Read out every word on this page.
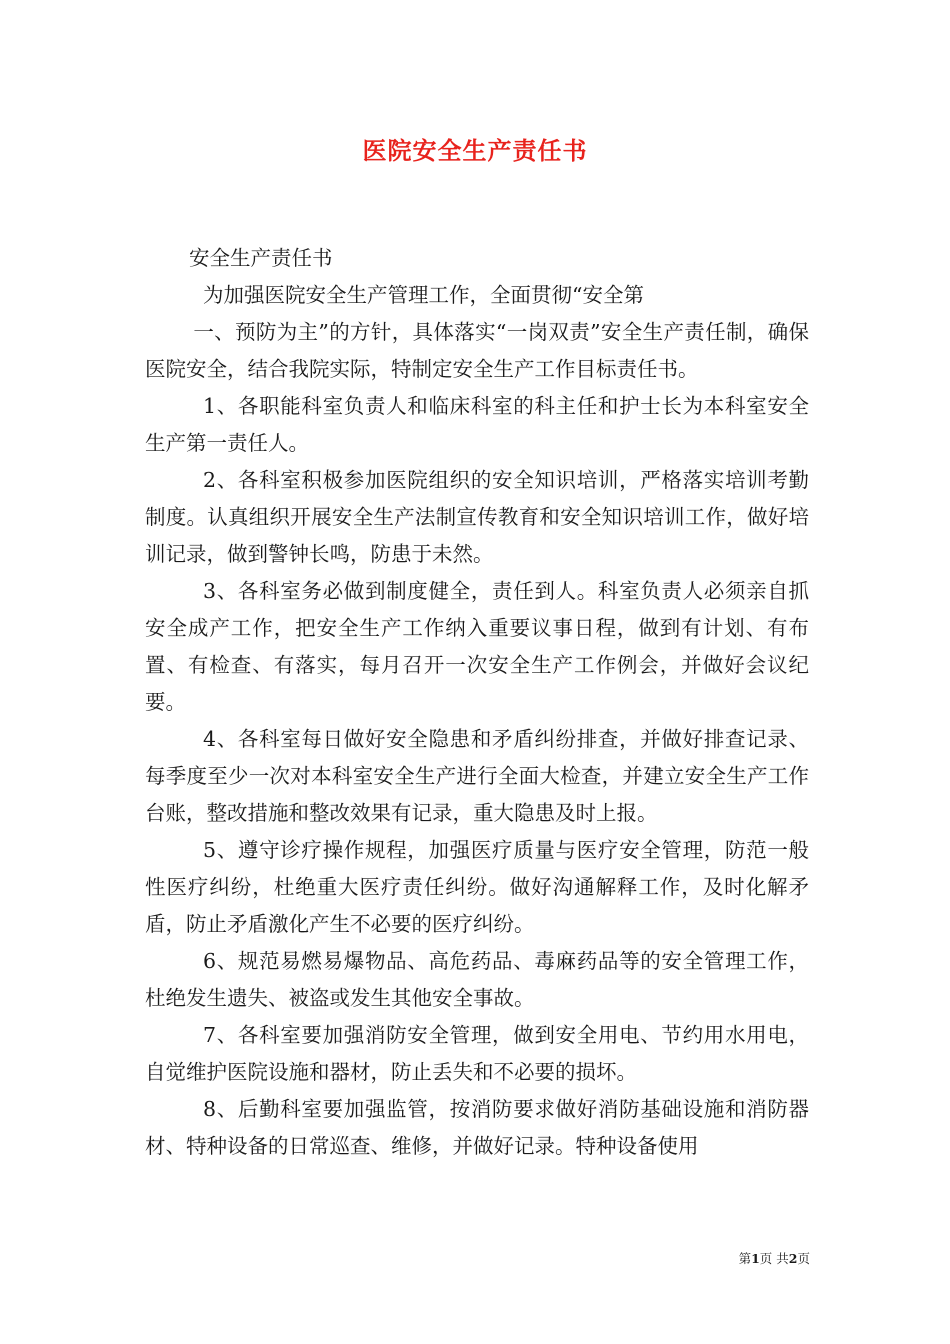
医院安全生产责任书
安全生产责任书
为加强医院安全生产管理工作，全面贯彻“安全第
一、预防为主”的方针，具体落实“一岗双责”安全生产责任制，确保医院安全，结合我院实际，特制定安全生产工作目标责任书。

1、各职能科室负责人和临床科室的科主任和护士长为本科室安全生产第一责任人。

2、各科室积极参加医院组织的安全知识培训，严格落实培训考勤制度。认真组织开展安全生产法制宣传教育和安全知识培训工作，做好培训记录，做到警钟长鸣，防患于未然。

3、各科室务必做到制度健全，责任到人。科室负责人必须亲自抓安全成产工作，把安全生产工作纳入重要议事日程，做到有计划、有布置、有检查、有落实，每月召开一次安全生产工作例会，并做好会议纪要。

4、各科室每日做好安全隐患和矛盾纠纷排查，并做好排查记录、每季度至少一次对本科室安全生产进行全面大检查，并建立安全生产工作台账，整改措施和整改效果有记录，重大隐患及时上报。

5、遵守诊疗操作规程，加强医疗质量与医疗安全管理，防范一般性医疗纠纷，杜绝重大医疗责任纠纷。做好沟通解释工作，及时化解矛盾，防止矛盾激化产生不必要的医疗纠纷。

6、规范易燃易爆物品、高危药品、毒麻药品等的安全管理工作，杜绝发生遗失、被盗或发生其他安全事故。

7、各科室要加强消防安全管理，做到安全用电、节约用水用电，自觉维护医院设施和器材，防止丢失和不必要的损坏。

8、后勤科室要加强监管，按消防要求做好消防基础设施和消防器材、特种设备的日常巡查、维修，并做好记录。特种设备使用

第1页 共2页
